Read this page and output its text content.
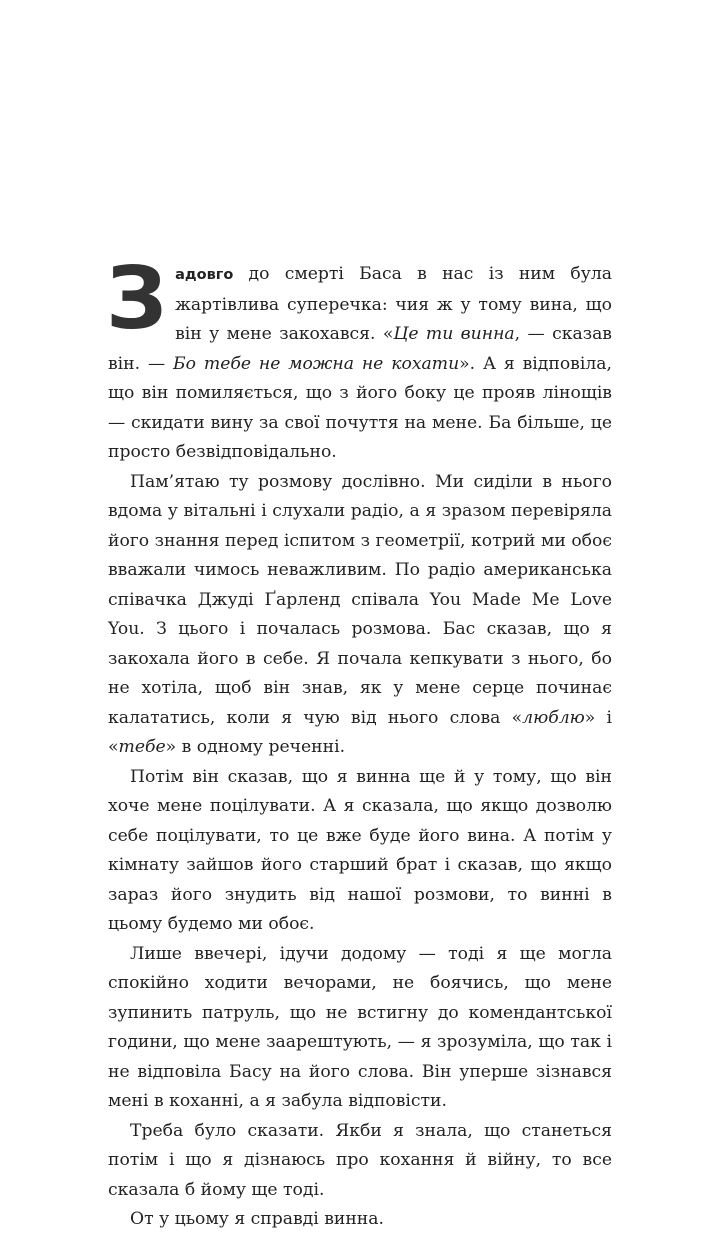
Задовго до смерті Баса в нас із ним була жартівлива суперечка: чия ж у тому вина, що він у мене закохався. «Це ти винна, — сказав він. — Бо тебе не можна не кохати». А я відповіла, що він помиляється, що з його боку це прояв лінощів — скидати вину за свої почуття на мене. Ба більше, це просто безвідповідально.

Пам’ятаю ту розмову дослівно. Ми сиділи в нього вдома у вітальні і слухали радіо, а я зразом перевіряла його знання перед іспитом з геометрії, котрий ми обоє вважали чимось неважливим. По радіо американська співачка Джуді Ґарленд співала You Made Me Love You. З цього і почалась розмова. Бас сказав, що я закохала його в себе. Я почала кепкувати з нього, бо не хотіла, щоб він знав, як у мене серце починає калататись, коли я чую від нього слова «люблю» і «тебе» в одному реченні.

Потім він сказав, що я винна ще й у тому, що він хоче мене поцілувати. А я сказала, що якщо дозволю себе поцілувати, то це вже буде його вина. А потім у кімнату зайшов його старший брат і сказав, що якщо зараз його знудить від нашої розмови, то винні в цьому будемо ми обоє.

Лише ввечері, ідучи додому — тоді я ще могла спокійно ходити вечорами, не боячись, що мене зупинить патруль, що не встигну до комендантської години, що мене заарештують, — я зрозуміла, що так і не відповіла Басу на його слова. Він уперше зізнався мені в коханні, а я забула відповісти.

Треба було сказати. Якби я знала, що станеться потім і що я дізнаюсь про кохання й війну, то все сказала б йому ще тоді.

От у цьому я справді винна.
